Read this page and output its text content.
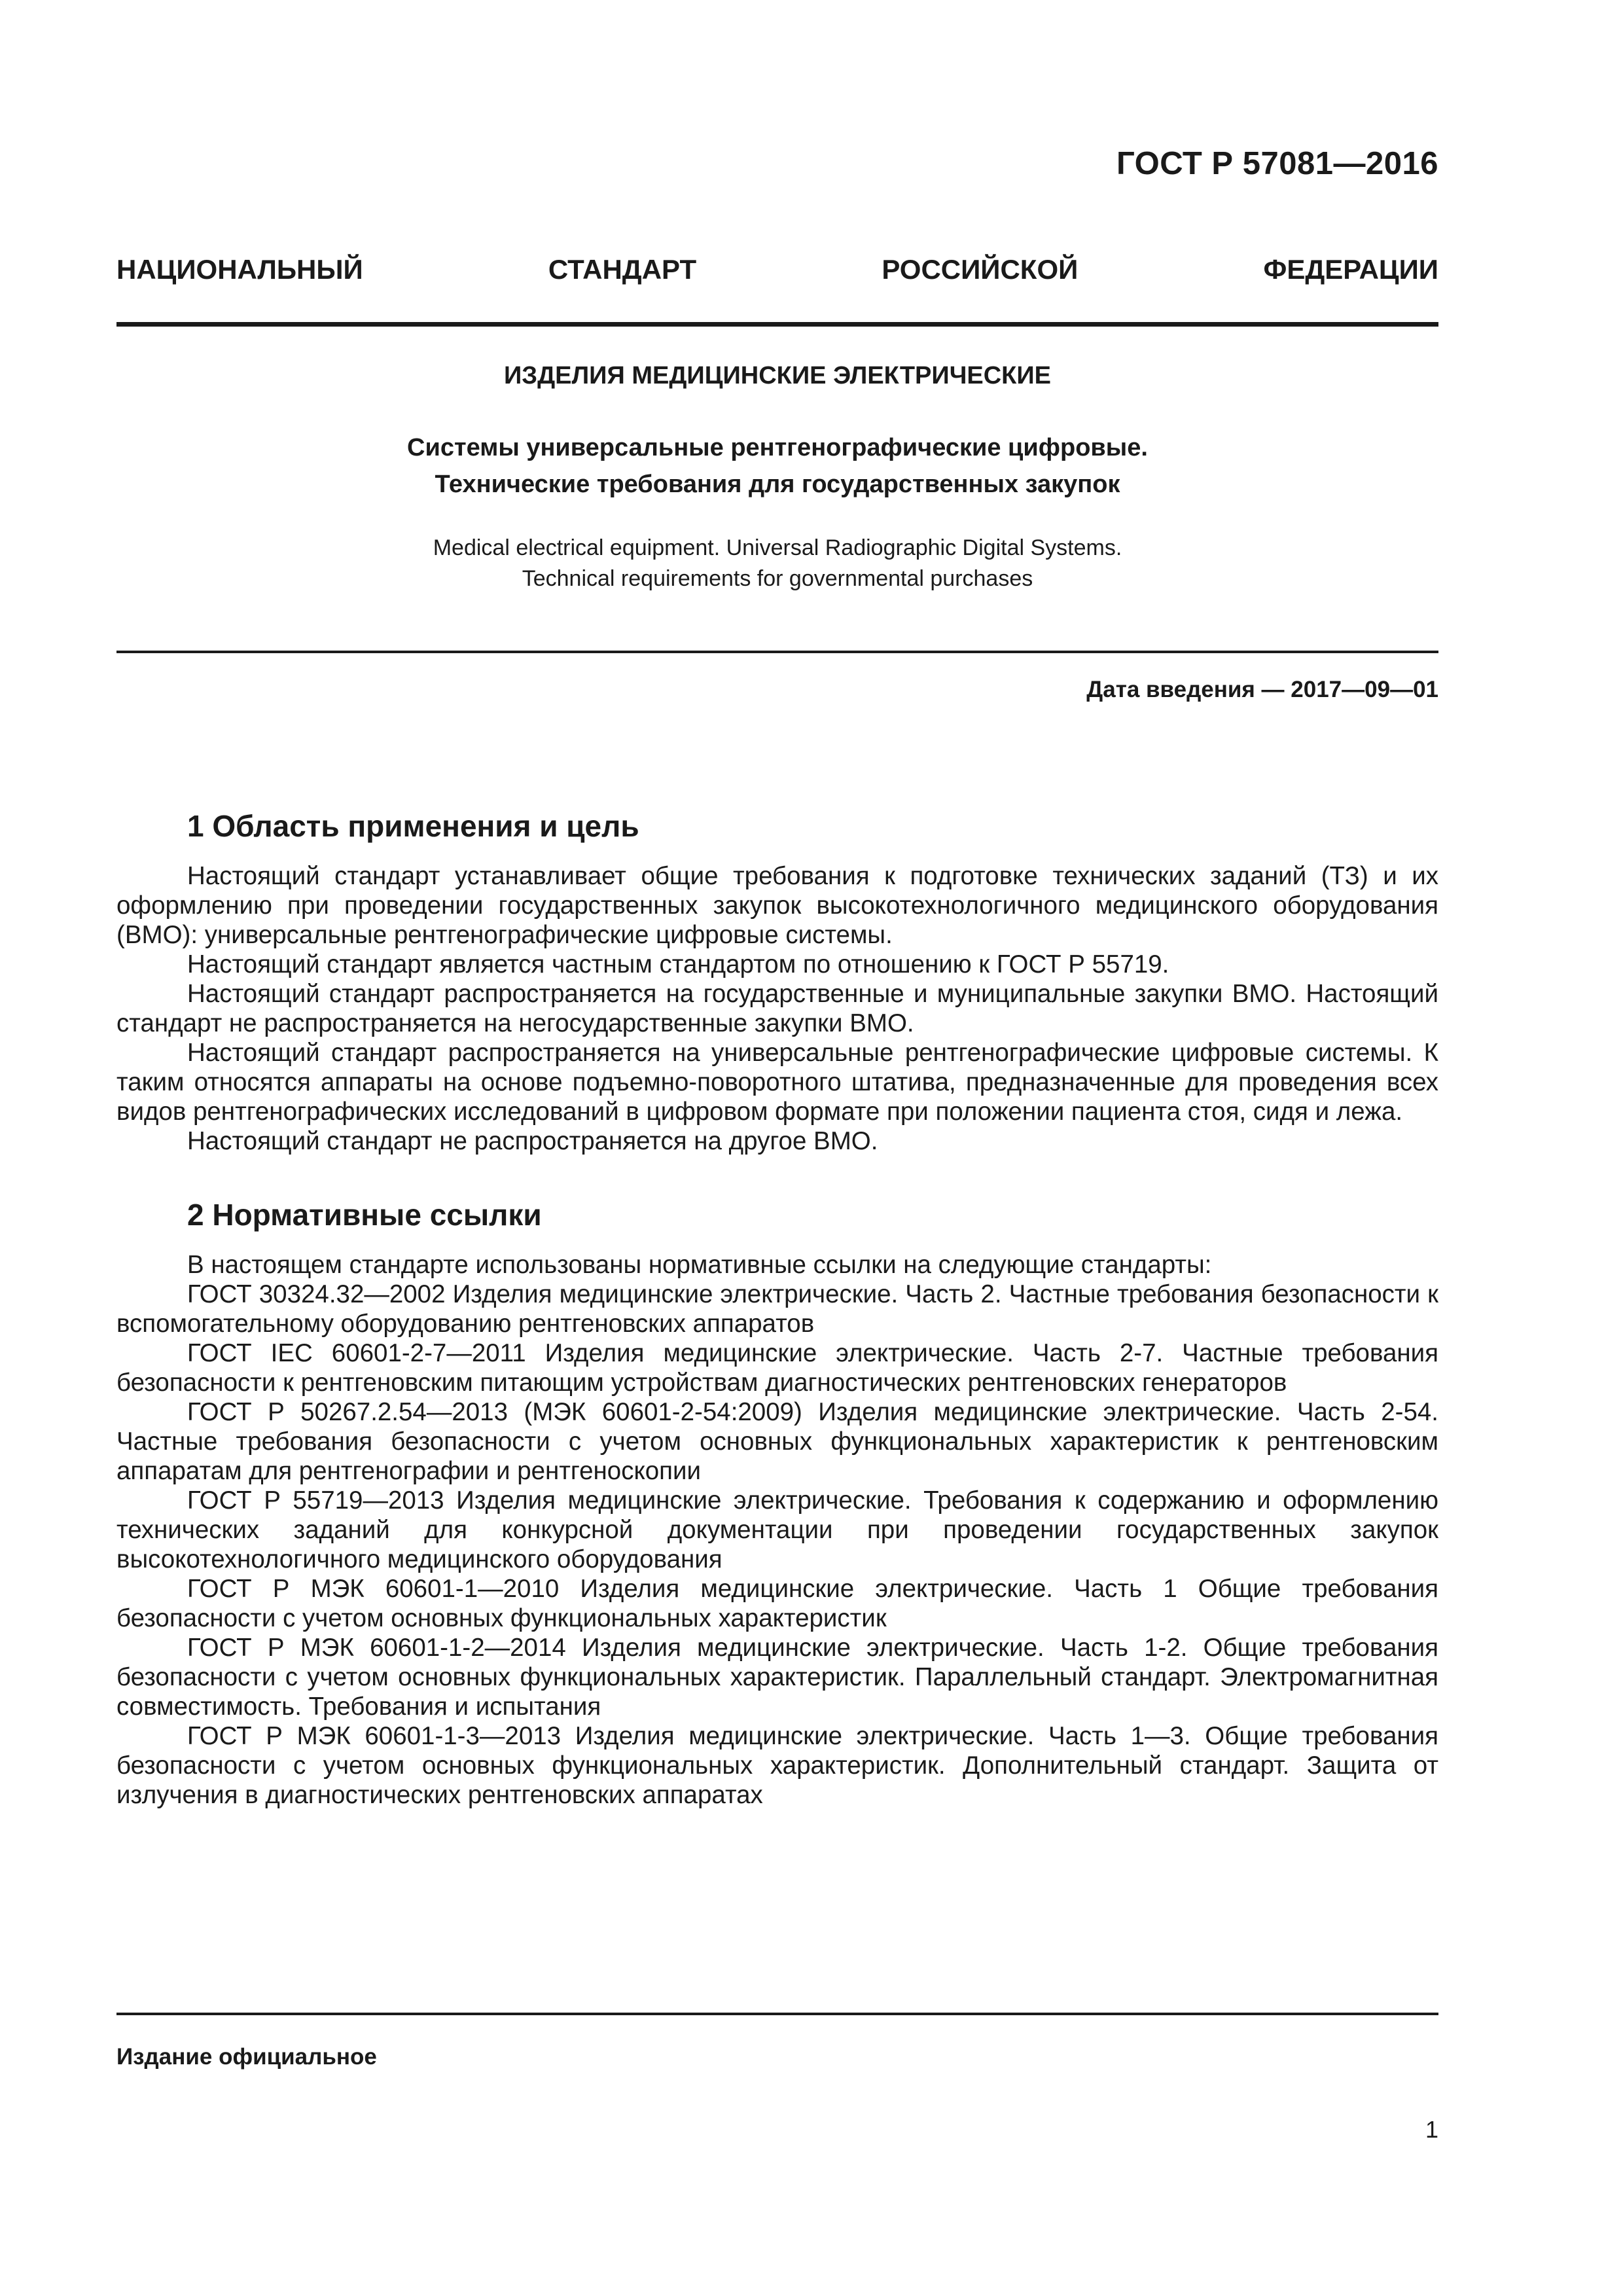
ГОСТ Р 57081—2016
НАЦИОНАЛЬНЫЙ	СТАНДАРТ	РОССИЙСКОЙ	ФЕДЕРАЦИИ

ИЗДЕЛИЯ МЕДИЦИНСКИЕ ЭЛЕКТРИЧЕСКИЕ

Системы универсальные рентгенографические цифровые.
Технические требования для государственных закупок

Medical electrical equipment. Universal Radiographic Digital Systems.
Technical requirements for governmental purchases

Дата введения — 2017—09—01
1 Область применения и цель

Настоящий стандарт устанавливает общие требования к подготовке технических заданий (ТЗ) и их оформлению при проведении государственных закупок высокотехнологичного медицинского оборудования (ВМО): универсальные рентгенографические цифровые системы.

Настоящий стандарт является частным стандартом по отношению к ГОСТ Р 55719.

Настоящий стандарт распространяется на государственные и муниципальные закупки ВМО. Настоящий стандарт не распространяется на негосударственные закупки ВМО.

Настоящий стандарт распространяется на универсальные рентгенографические цифровые системы. К таким относятся аппараты на основе подъемно-поворотного штатива, предназначенные для проведения всех видов рентгенографических исследований в цифровом формате при положении пациента стоя, сидя и лежа.

Настоящий стандарт не распространяется на другое ВМО.

2 Нормативные ссылки

В настоящем стандарте использованы нормативные ссылки на следующие стандарты:

ГОСТ 30324.32—2002 Изделия медицинские электрические. Часть 2. Частные требования безопасности к вспомогательному оборудованию рентгеновских аппаратов

ГОСТ IEC 60601-2-7—2011 Изделия медицинские электрические. Часть 2-7. Частные требования безопасности к рентгеновским питающим устройствам диагностических рентгеновских генераторов

ГОСТ Р 50267.2.54—2013 (МЭК 60601-2-54:2009) Изделия медицинские электрические. Часть 2-54. Частные требования безопасности с учетом основных функциональных характеристик к рентгеновским аппаратам для рентгенографии и рентгеноскопии

ГОСТ Р 55719—2013 Изделия медицинские электрические. Требования к содержанию и оформлению технических заданий для конкурсной документации при проведении государственных закупок высокотехнологичного медицинского оборудования

ГОСТ Р МЭК 60601-1—2010 Изделия медицинские электрические. Часть 1 Общие требования безопасности с учетом основных функциональных характеристик

ГОСТ Р МЭК 60601-1-2—2014 Изделия медицинские электрические. Часть 1-2. Общие требования безопасности с учетом основных функциональных характеристик. Параллельный стандарт. Электромагнитная совместимость. Требования и испытания

ГОСТ Р МЭК 60601-1-3—2013 Изделия медицинские электрические. Часть 1—3. Общие требования безопасности с учетом основных функциональных характеристик. Дополнительный стандарт. Защита от излучения в диагностических рентгеновских аппаратах

Издание официальное
1
